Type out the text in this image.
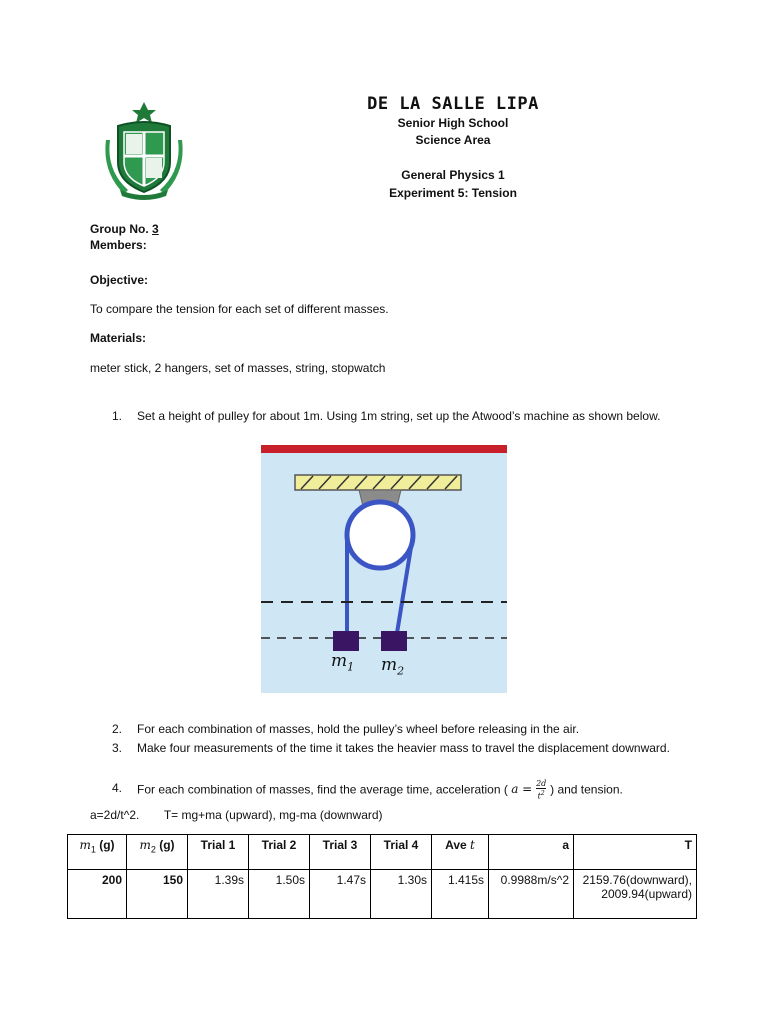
DE LA SALLE LIPA
Senior High School
Science Area
General Physics 1
Experiment 5: Tension
Group No. 3
Members:
Objective:
To compare the tension for each set of different masses.
Materials:
meter stick, 2 hangers, set of masses, string, stopwatch
1. Set a height of pulley for about 1m. Using 1m string, set up the Atwood’s machine as shown below.
$m_1$ $m_2$
2. For each combination of masses, hold the pulley’s wheel before releasing in the air.
3. Make four measurements of the time it takes the heavier mass to travel the displacement downward.
4. For each combination of masses, find the average time, acceleration ( $a = \frac{2d}{t^2}$ ) and tension.
a=2d/t^2. T= mg+ma (upward), mg-ma (downward)
$m_1$ (g)	$m_2$ (g)	Trial 1	Trial 2	Trial 3	Trial 4	Ave t	a	T
200	150	1.39s	1.50s	1.47s	1.30s	1.415s	0.9988m/s^2	2159.76(downward),
2009.94(upward)
